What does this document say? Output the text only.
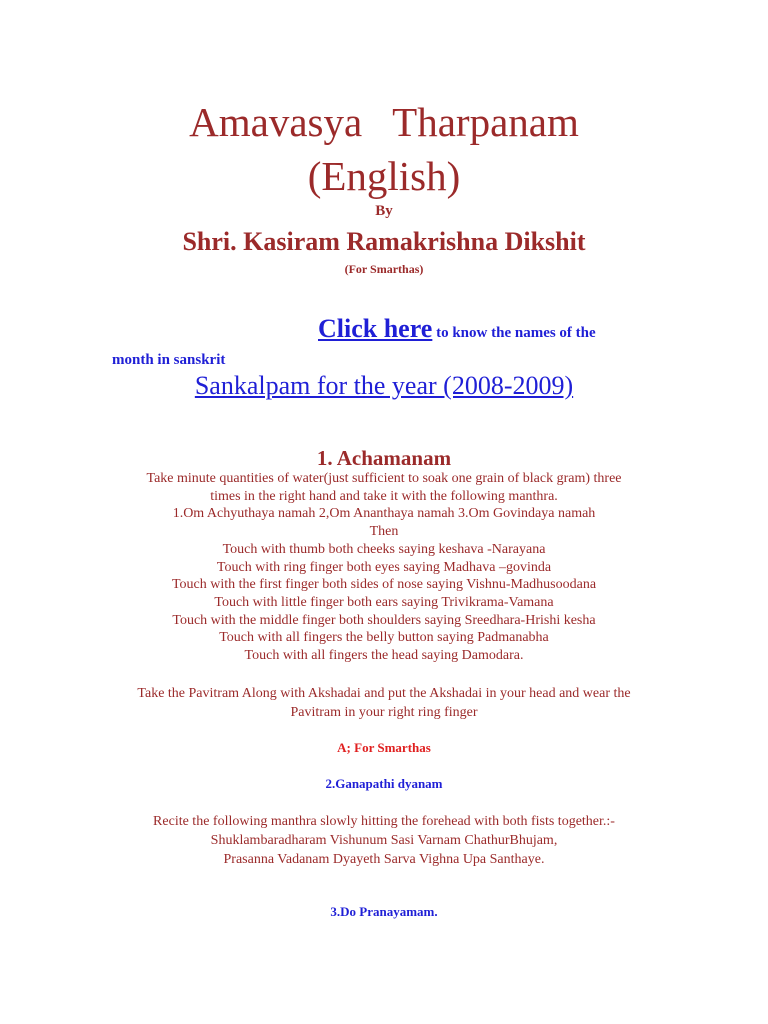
Amavasya   Tharpanam
(English)
By
Shri. Kasiram Ramakrishna Dikshit
(For Smarthas)
Click here to know the names of the
month in sanskrit
Sankalpam for the year (2008-2009)
1. Achamanam
Take minute quantities of water(just sufficient to soak one grain of black gram) three
times in the right hand and take it with the following manthra.
1.Om Achyuthaya namah 2,Om Ananthaya namah 3.Om Govindaya namah
Then
Touch with thumb both cheeks saying keshava -Narayana
Touch with ring finger both eyes saying Madhava –govinda
Touch with the first finger both sides of nose saying Vishnu-Madhusoodana
Touch with little finger both ears saying Trivikrama-Vamana
Touch with the middle finger both shoulders saying Sreedhara-Hrishi kesha
Touch with all fingers the belly button saying Padmanabha
Touch with all fingers the head saying Damodara.
Take the Pavitram Along with Akshadai and put the Akshadai in your head and wear the
Pavitram in your right ring finger
A; For Smarthas
2.Ganapathi dyanam
Recite the following manthra slowly hitting the forehead with both fists together.:-
Shuklambaradharam Vishunum Sasi Varnam ChathurBhujam,
Prasanna Vadanam Dyayeth Sarva Vighna Upa Santhaye.
3.Do Pranayamam.
